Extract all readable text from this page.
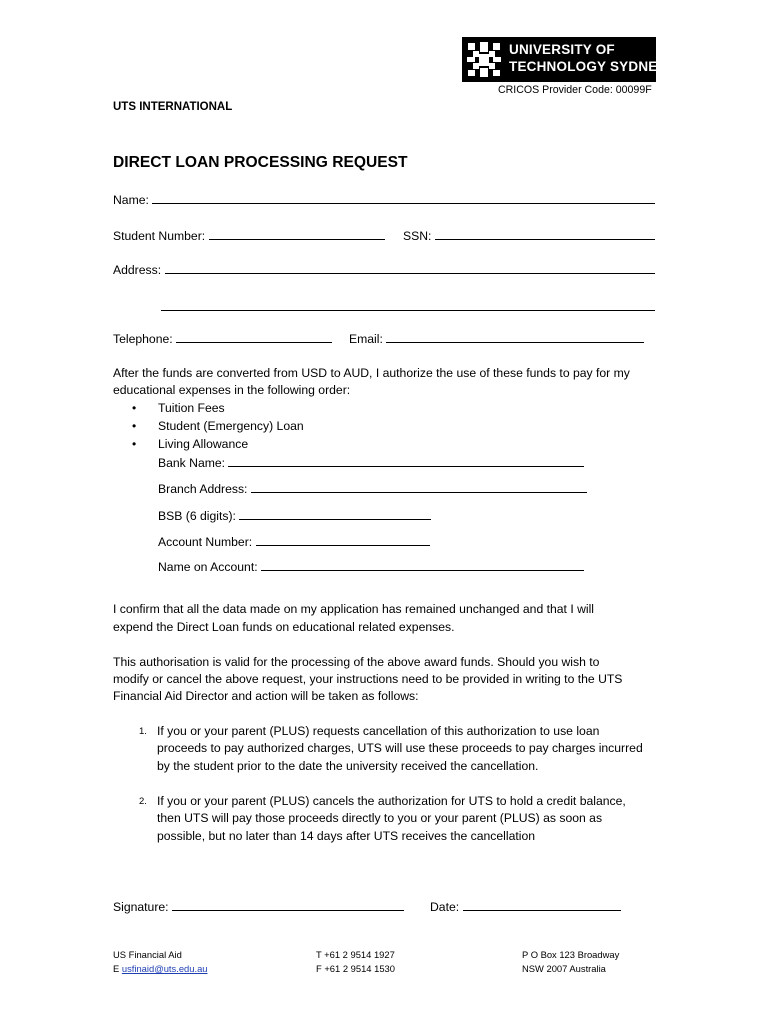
UNIVERSITY OF
TECHNOLOGY SYDNEY
CRICOS Provider Code: 00099F
UTS INTERNATIONAL
DIRECT LOAN PROCESSING REQUEST
Name:
Student Number:	SSN:
Address:
Telephone:	Email:
After the funds are converted from USD to AUD, I authorize the use of these funds to pay for my
educational expenses in the following order:
• Tuition Fees
• Student (Emergency) Loan
• Living Allowance
Bank Name:
Branch Address:
BSB (6 digits):
Account Number:
Name on Account:
I confirm that all the data made on my application has remained unchanged and that I will
expend the Direct Loan funds on educational related expenses.
This authorisation is valid for the processing of the above award funds. Should you wish to
modify or cancel the above request, your instructions need to be provided in writing to the UTS
Financial Aid Director and action will be taken as follows:
1. If you or your parent (PLUS) requests cancellation of this authorization to use loan
proceeds to pay authorized charges, UTS will use these proceeds to pay charges incurred
by the student prior to the date the university received the cancellation.
2. If you or your parent (PLUS) cancels the authorization for UTS to hold a credit balance,
then UTS will pay those proceeds directly to you or your parent (PLUS) as soon as
possible, but no later than 14 days after UTS receives the cancellation
Signature:	Date:
US Financial Aid
E usfinaid@uts.edu.au
T +61 2 9514 1927
F +61 2 9514 1530
P O Box 123 Broadway
NSW 2007 Australia
